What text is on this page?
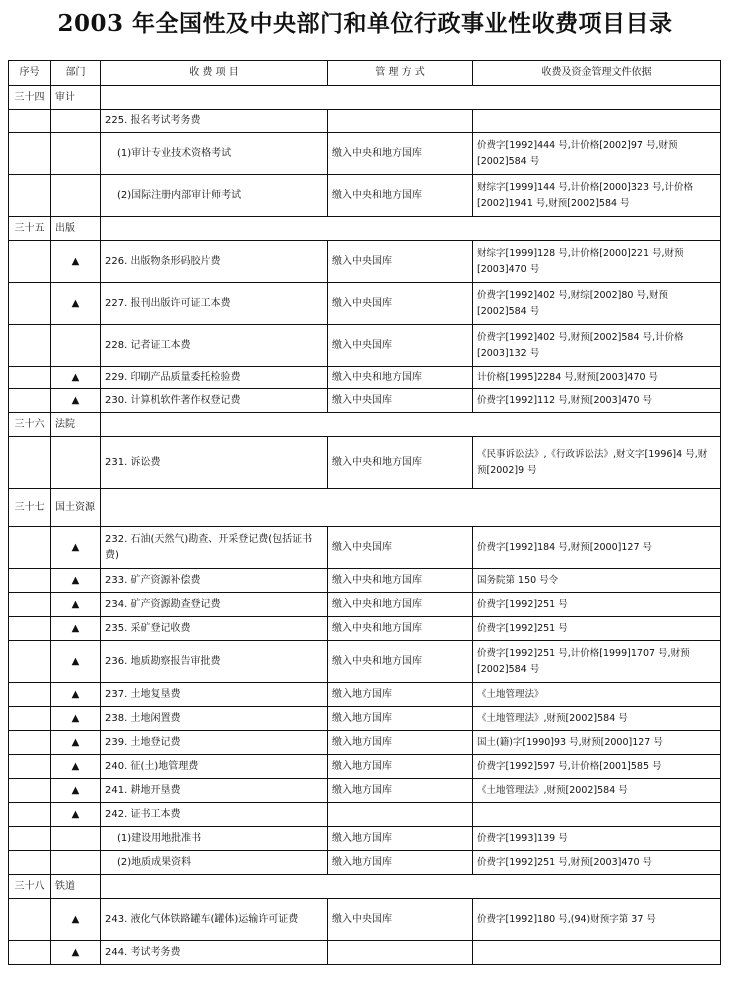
2003 年全国性及中央部门和单位行政事业性收费项目目录
序号	部门	收 费 项 目	管 理 方 式	收费及资金管理文件依据
三十四	审计			
		225. 报名考试考务费		
		(1)审计专业技术资格考试	缴入中央和地方国库	价费字[1992]444 号,计价格[2002]97 号,财预[2002]584 号
		(2)国际注册内部审计师考试	缴入中央和地方国库	财综字[1999]144 号,计价格[2000]323 号,计价格[2002]1941 号,财预[2002]584 号
三十五	出版			
	▲	226. 出版物条形码胶片费	缴入中央国库	财综字[1999]128 号,计价格[2000]221 号,财预[2003]470 号
	▲	227. 报刊出版许可证工本费	缴入中央国库	价费字[1992]402 号,财综[2002]80 号,财预[2002]584 号
		228. 记者证工本费	缴入中央国库	价费字[1992]402 号,财预[2002]584 号,计价格[2003]132 号
	▲	229. 印刷产品质量委托检验费	缴入中央和地方国库	计价格[1995]2284 号,财预[2003]470 号
	▲	230. 计算机软件著作权登记费	缴入中央国库	价费字[1992]112 号,财预[2003]470 号
三十六	法院			
		231. 诉讼费	缴入中央和地方国库	《民事诉讼法》,《行政诉讼法》,财文字[1996]4 号,财预[2002]9 号
三十七	国土资源			
	▲	232. 石油(天然气)勘查、开采登记费(包括证书费)	缴入中央国库	价费字[1992]184 号,财预[2000]127 号
	▲	233. 矿产资源补偿费	缴入中央和地方国库	国务院第 150 号令
	▲	234. 矿产资源勘查登记费	缴入中央和地方国库	价费字[1992]251 号
	▲	235. 采矿登记收费	缴入中央和地方国库	价费字[1992]251 号
	▲	236. 地质勘察报告审批费	缴入中央和地方国库	价费字[1992]251 号,计价格[1999]1707 号,财预[2002]584 号
	▲	237. 土地复垦费	缴入地方国库	《土地管理法》
	▲	238. 土地闲置费	缴入地方国库	《土地管理法》,财预[2002]584 号
	▲	239. 土地登记费	缴入地方国库	国土(籍)字[1990]93 号,财预[2000]127 号
	▲	240. 征(土)地管理费	缴入地方国库	价费字[1992]597 号,计价格[2001]585 号
	▲	241. 耕地开垦费	缴入地方国库	《土地管理法》,财预[2002]584 号
	▲	242. 证书工本费		
		(1)建设用地批准书	缴入地方国库	价费字[1993]139 号
		(2)地质成果资料	缴入地方国库	价费字[1992]251 号,财预[2003]470 号
三十八	铁道			
	▲	243. 液化气体铁路罐车(罐体)运输许可证费	缴入中央国库	价费字[1992]180 号,(94)财预字第 37 号
	▲	244. 考试考务费		
